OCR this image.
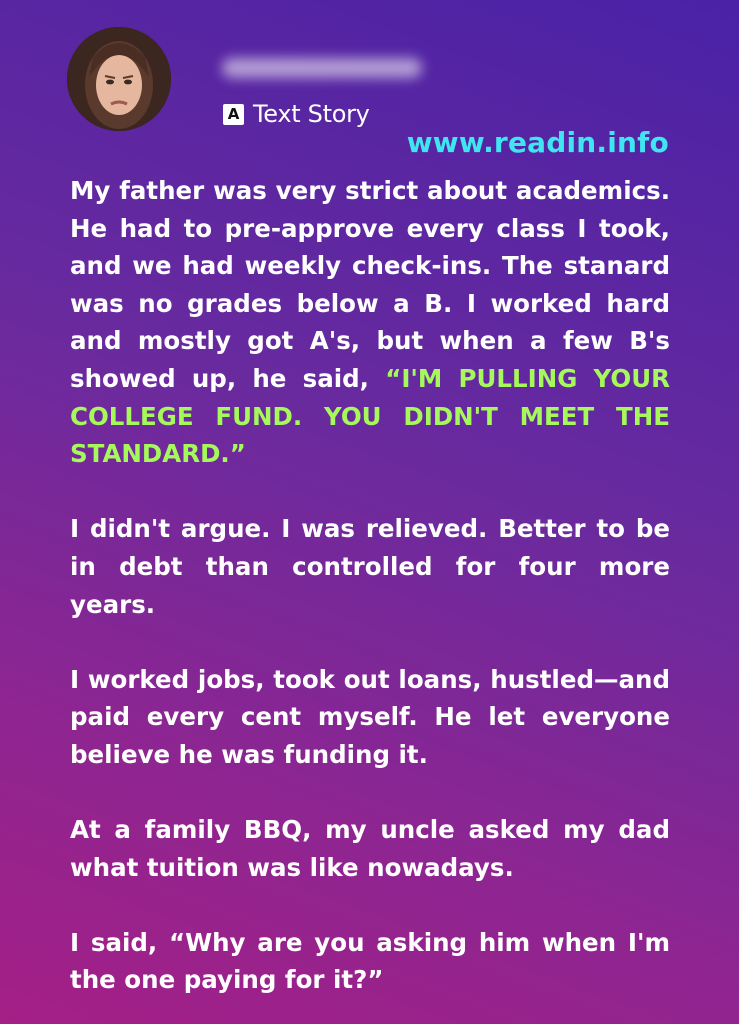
A Text Story
www.readin.info

My father was very strict about academics. He had to pre-approve every class I took, and we had weekly check-ins. The stanard was no grades below a B. I worked hard and mostly got A's, but when a few B's showed up, he said, “I'M PULLING YOUR COLLEGE FUND. YOU DIDN'T MEET THE STANDARD.”

I didn't argue. I was relieved. Better to be in debt than controlled for four more years.

I worked jobs, took out loans, hustled—and paid every cent myself. He let everyone believe he was funding it.

At a family BBQ, my uncle asked my dad what tuition was like nowadays.

I said, “Why are you asking him when I'm the one paying for it?”
